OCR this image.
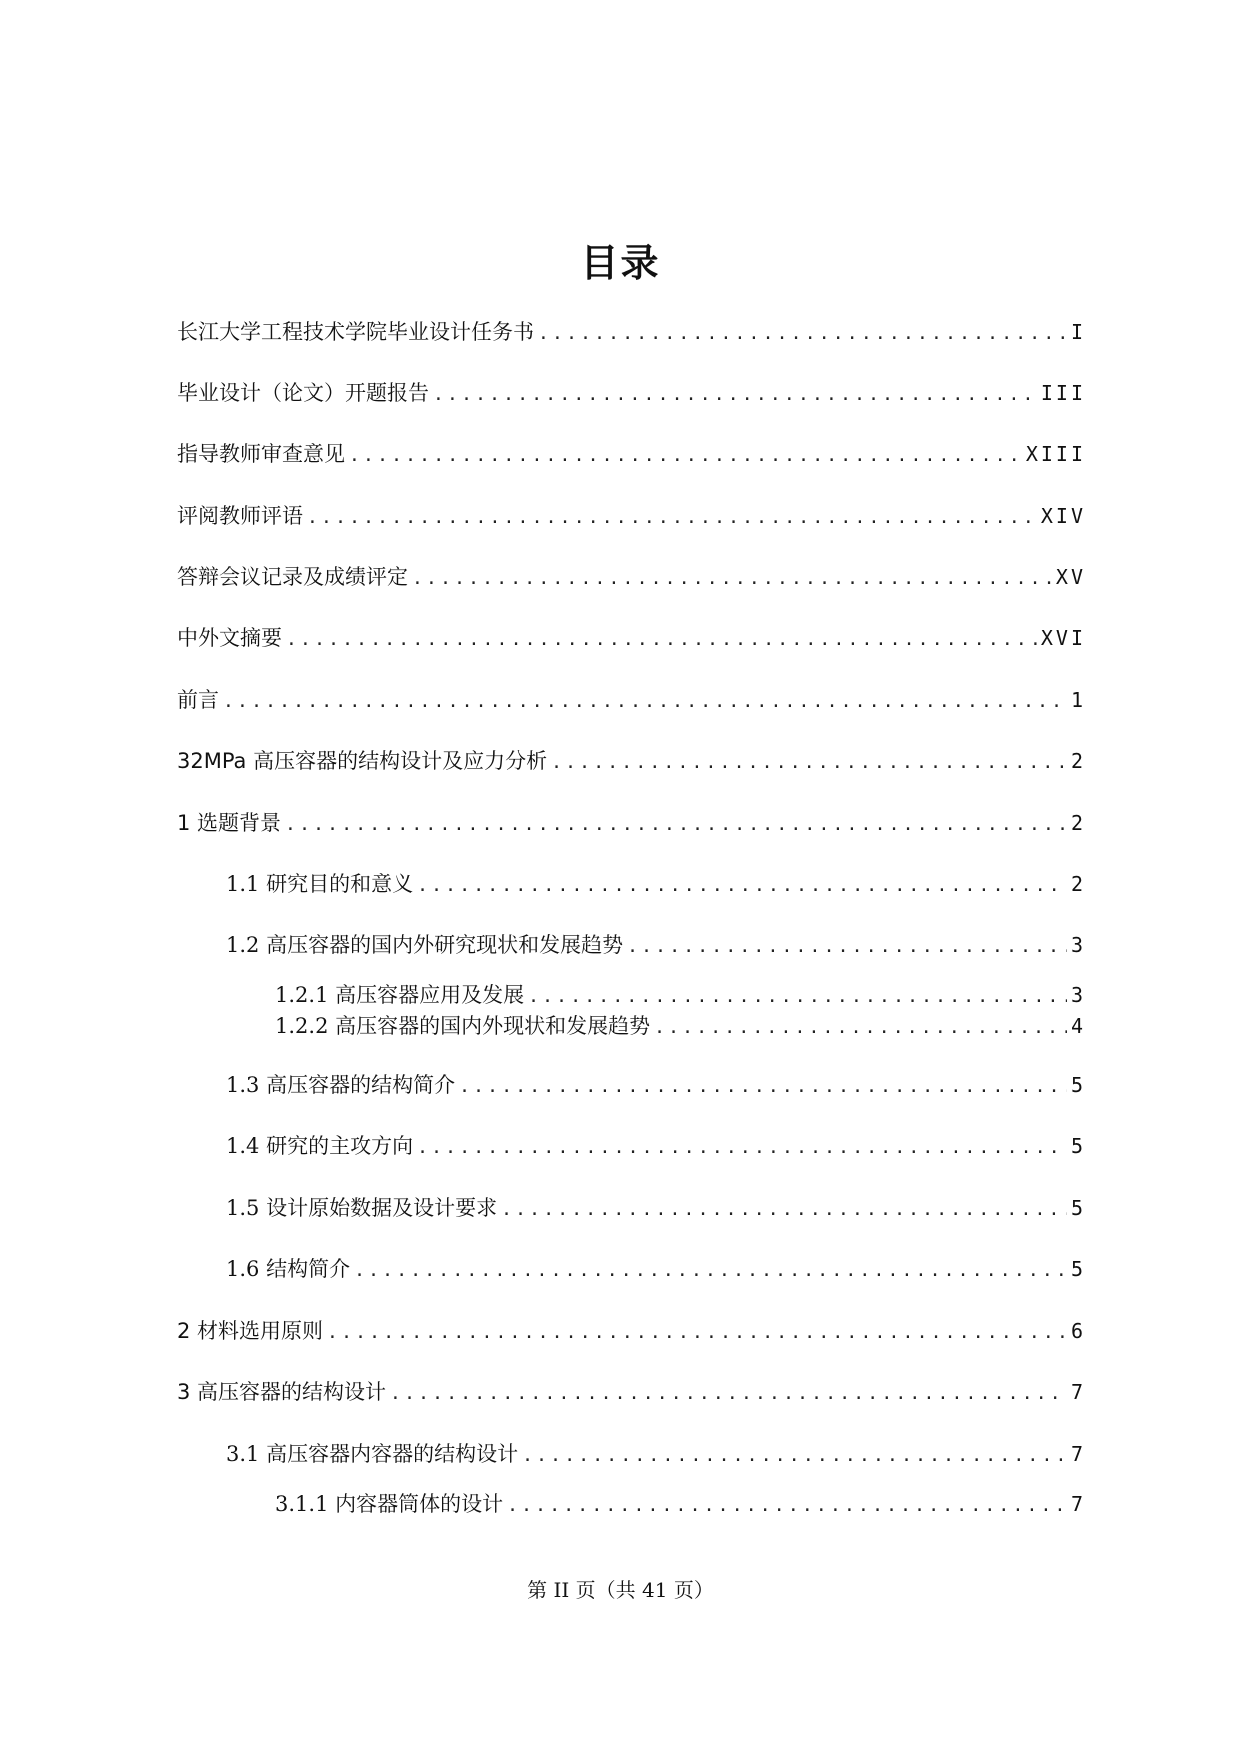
目录
长江大学工程技术学院毕业设计任务书 .....	I
毕业设计（论文）开题报告 .....	III
指导教师审查意见 .....	XIII
评阅教师评语 .....	XIV
答辩会议记录及成绩评定 .....	XV
中外文摘要 .....	XVI
前言 .....	1
32MPa 高压容器的结构设计及应力分析 .....	2
1 选题背景 .....	2
1.1 研究目的和意义 .....	2
1.2 高压容器的国内外研究现状和发展趋势 .....	3
1.2.1 高压容器应用及发展 .....	3
1.2.2 高压容器的国内外现状和发展趋势 .....	4
1.3 高压容器的结构简介 .....	5
1.4 研究的主攻方向 .....	5
1.5 设计原始数据及设计要求 .....	5
1.6 结构简介 .....	5
2 材料选用原则 .....	6
3 高压容器的结构设计 .....	7
3.1 高压容器内容器的结构设计 .....	7
3.1.1 内容器筒体的设计 .....	7
第 II 页（共 41 页）
